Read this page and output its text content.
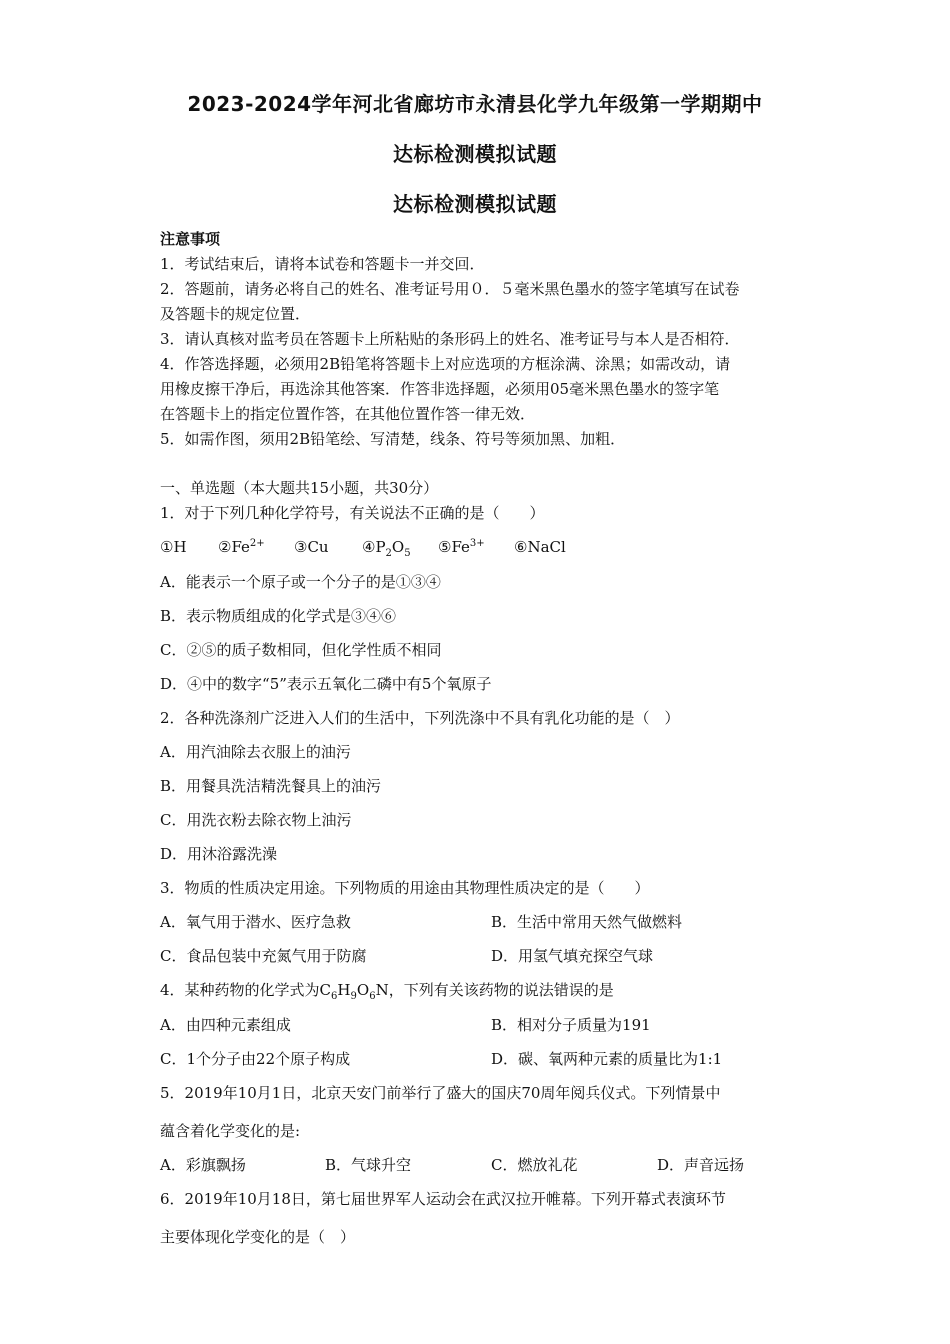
2023-2024学年河北省廊坊市永清县化学九年级第一学期期中
达标检测模拟试题
达标检测模拟试题
注意事项
1．考试结束后，请将本试卷和答题卡一并交回．
2．答题前，请务必将自己的姓名、准考证号用０．５毫米黑色墨水的签字笔填写在试卷
及答题卡的规定位置．
3．请认真核对监考员在答题卡上所粘贴的条形码上的姓名、准考证号与本人是否相符．
4．作答选择题，必须用2B铅笔将答题卡上对应选项的方框涂满、涂黑；如需改动，请
用橡皮擦干净后，再选涂其他答案．作答非选择题，必须用05毫米黑色墨水的签字笔
在答题卡上的指定位置作答，在其他位置作答一律无效．
5．如需作图，须用2B铅笔绘、写清楚，线条、符号等须加黑、加粗．
一、单选题（本大题共15小题，共30分）
1．对于下列几种化学符号，有关说法不正确的是（　　）
①H $②Fe^{2+}$ ③Cu $④P_2O_5$ $⑤Fe^{3+}$ ⑥NaCl
A．能表示一个原子或一个分子的是①③④
B．表示物质组成的化学式是③④⑥
C．②⑤的质子数相同，但化学性质不相同
D．④中的数字“5”表示五氧化二磷中有5个氧原子
2．各种洗涤剂广泛进入人们的生活中，下列洗涤中不具有乳化功能的是（　）
A．用汽油除去衣服上的油污
B．用餐具洗洁精洗餐具上的油污
C．用洗衣粉去除衣物上油污
D．用沐浴露洗澡
3．物质的性质决定用途。下列物质的用途由其物理性质决定的是（　　）
A．氧气用于潜水、医疗急救	B．生活中常用天然气做燃料
C．食品包装中充氮气用于防腐	D．用氢气填充探空气球
4．某种药物的化学式为$C_6H_9O_6N$，下列有关该药物的说法错误的是
A．由四种元素组成	B．相对分子质量为191
C．1个分子由22个原子构成	D．碳、氧两种元素的质量比为1:1
5．2019年10月1日，北京天安门前举行了盛大的国庆70周年阅兵仪式。下列情景中
蕴含着化学变化的是:
A．彩旗飘扬	B．气球升空	C．燃放礼花	D．声音远扬
6．2019年10月18日，第七届世界军人运动会在武汉拉开帷幕。下列开幕式表演环节
主要体现化学变化的是（　）
